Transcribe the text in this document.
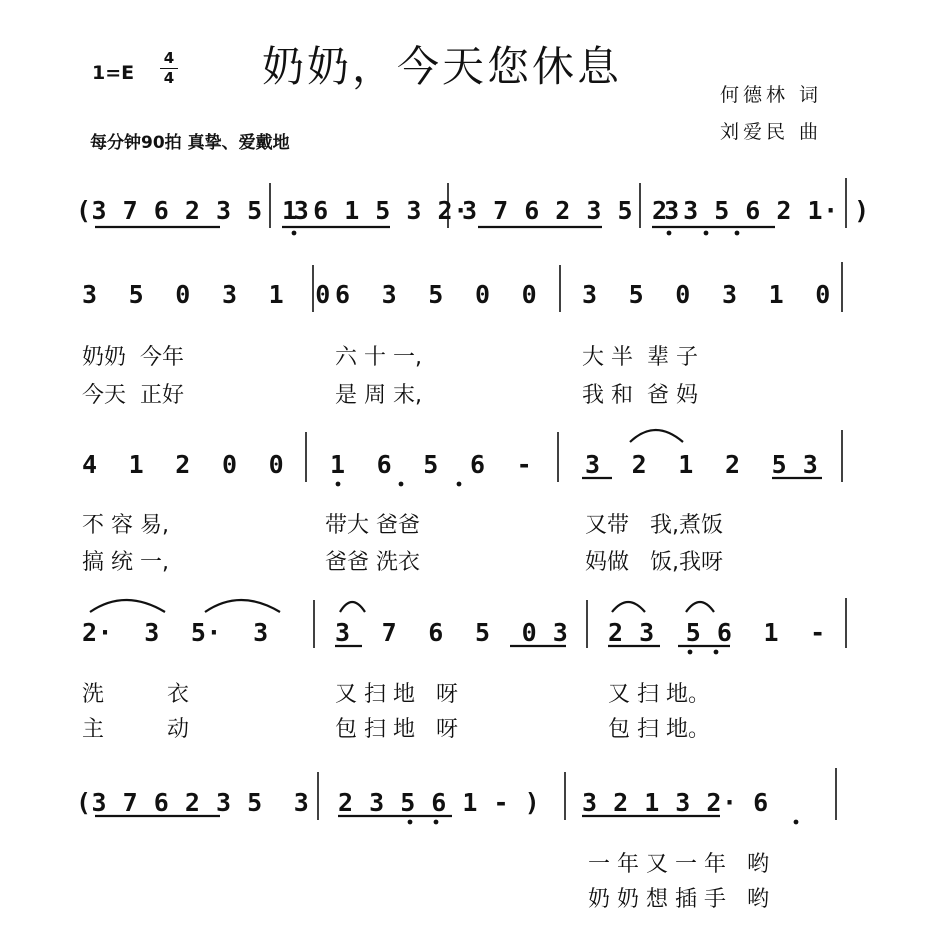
1=E
4
4 奶奶，今天您休息
何德林 词
刘爱民 曲
每分钟90拍 真挚、爱戴地
(3 7 6 2 3 5  3
1 6 1 5 3 2·
3 7 6 2 3 5  3
2 3 5 6 2 1· )
3  5  0  3  1  0 6  3  5  0  0 3  5  0  3  1  0
奶奶  今年	六 十 一,	大 半  辈 子
今天  正好	是 周 末,	我 和  爸 妈
4  1  2  0  0 1  6  5  6  - 3  2  1  2  5 3
不 容 易,	带大 爸爸	又带   我,煮饭
搞 统 一,	爸爸 洗衣	妈做   饭,我呀
2·  3  5·  3	3  7  6  5  0 3 2 3  5 6  1  -
洗         衣	又 扫 地   呀	又 扫 地。
主         动	包 扫 地   呀	包 扫 地。
(3 7 6 2 3 5  3 2 3 5 6 1 - ) 3 2 1 3 2· 6
一 年 又 一 年   哟
奶 奶 想 插 手   哟
